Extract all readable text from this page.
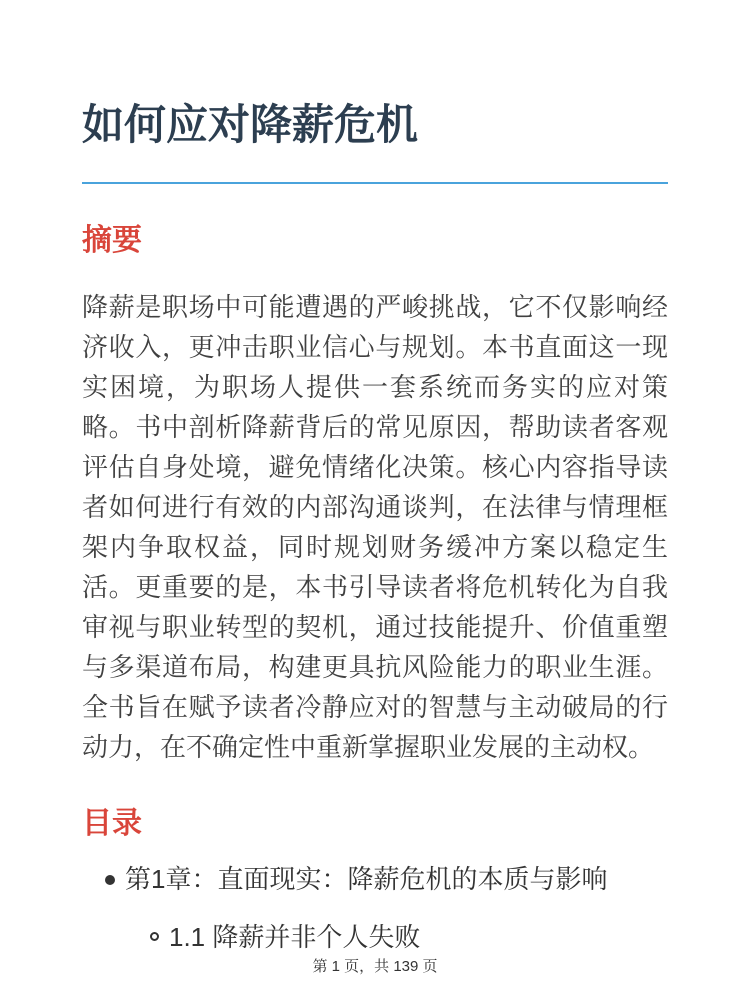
如何应对降薪危机
摘要

降薪是职场中可能遭遇的严峻挑战，它不仅影响经济收入，更冲击职业信心与规划。本书直面这一现实困境，为职场人提供一套系统而务实的应对策略。书中剖析降薪背后的常见原因，帮助读者客观评估自身处境，避免情绪化决策。核心内容指导读者如何进行有效的内部沟通谈判，在法律与情理框架内争取权益，同时规划财务缓冲方案以稳定生活。更重要的是，本书引导读者将危机转化为自我审视与职业转型的契机，通过技能提升、价值重塑与多渠道布局，构建更具抗风险能力的职业生涯。全书旨在赋予读者冷静应对的智慧与主动破局的行动力，在不确定性中重新掌握职业发展的主动权。

目录
第1章：直面现实：降薪危机的本质与影响
1.1 降薪并非个人失败
第 1 页，共 139 页
